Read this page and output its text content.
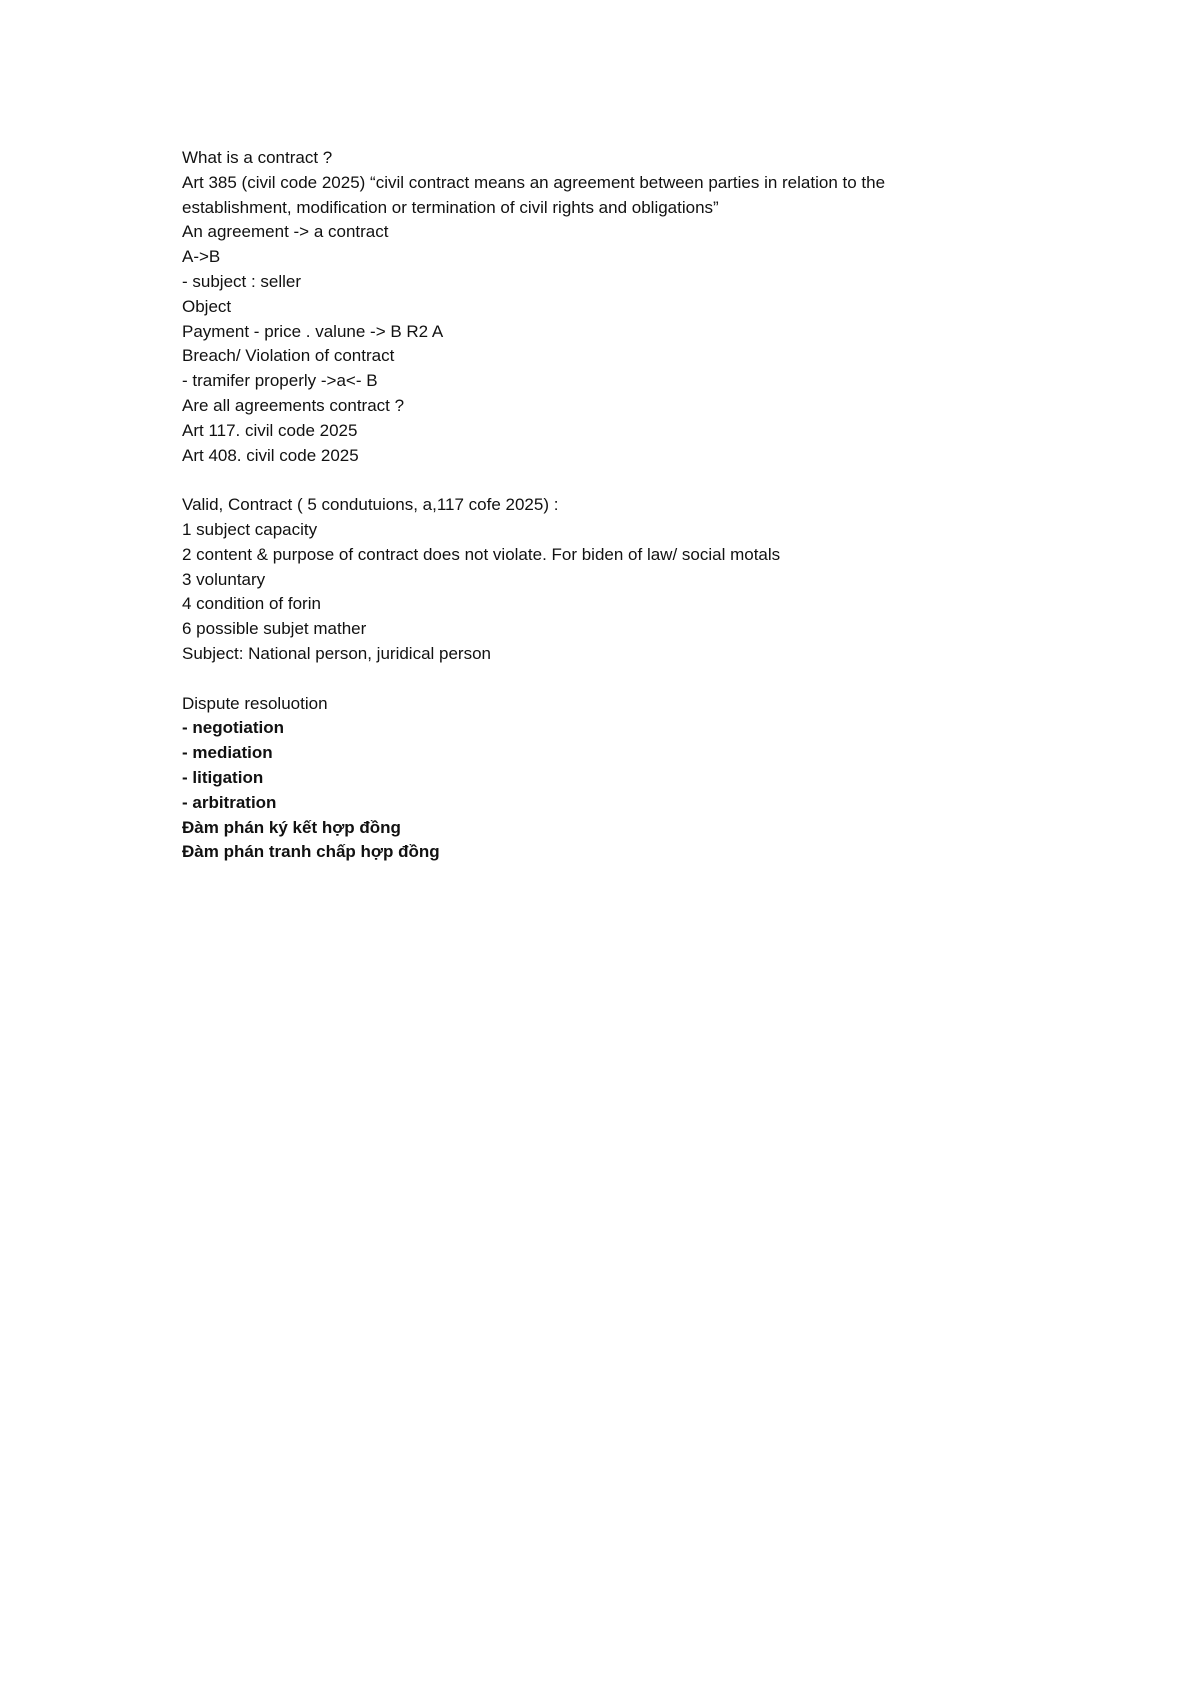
What is a contract ?
Art 385 (civil code 2025) “civil contract means an agreement between parties in relation to the establishment, modification or termination of civil rights and obligations”
An agreement -> a contract
A->B
- subject : seller
Object
Payment - price . valune -> B R2 A
Breach/ Violation of contract
- tramifer properly ->a<- B
Are all agreements contract ?
Art 117. civil code 2025
Art 408. civil code 2025
Valid, Contract ( 5 condutuions, a,117 cofe 2025) :
1 subject capacity
2 content & purpose of contract does not violate. For biden of law/ social motals
3 voluntary
4 condition of forin
6 possible subjet mather
Subject: National person, juridical person
Dispute resoluotion
- negotiation
- mediation
- litigation
- arbitration
Đàm phán ký kết hợp đồng
Đàm phán tranh chấp hợp đồng
